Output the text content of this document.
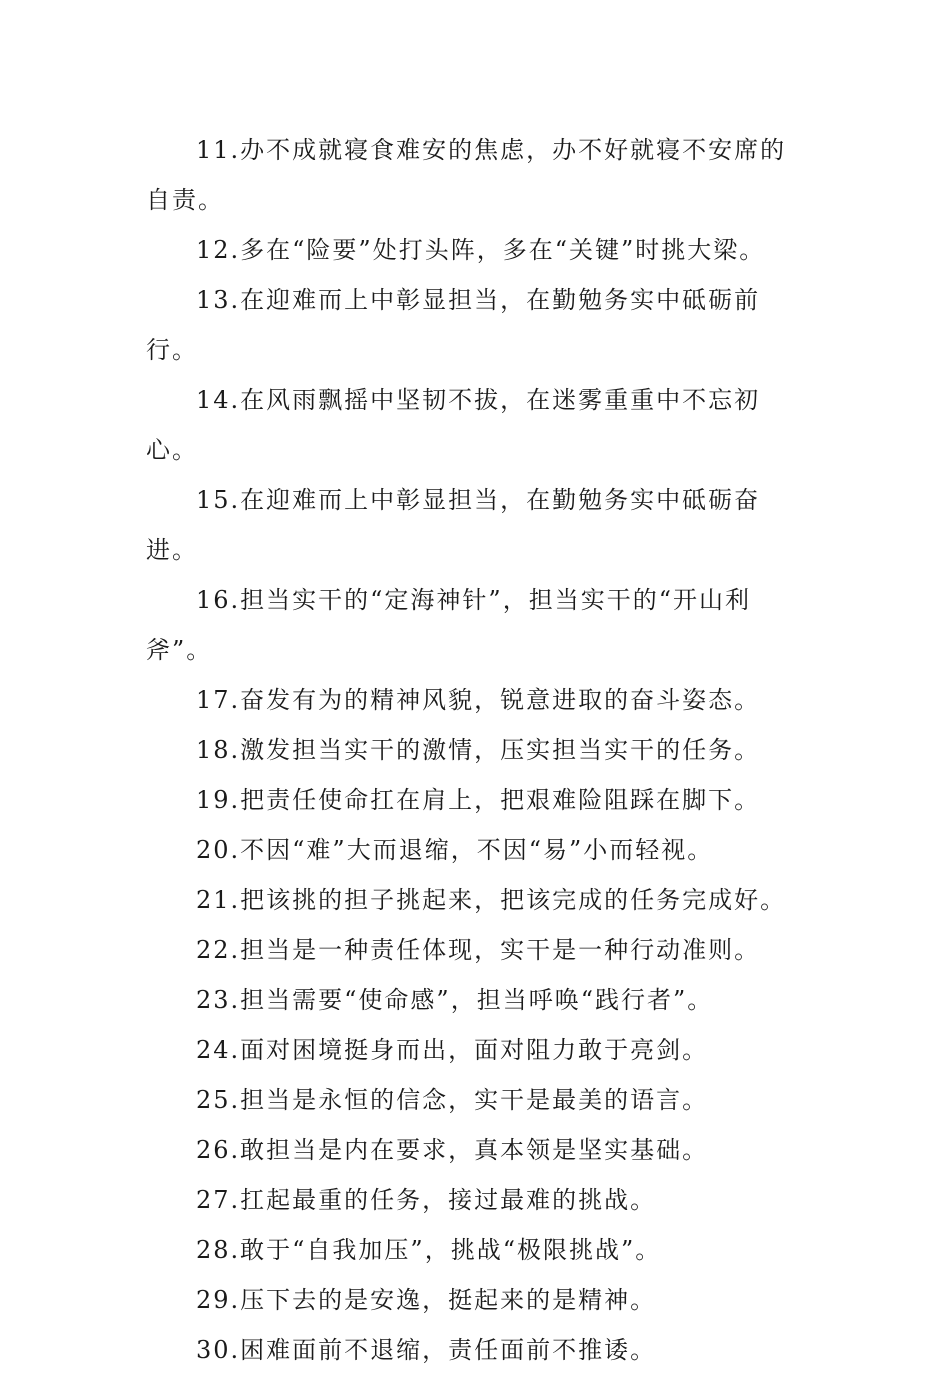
11.办不成就寝食难安的焦虑，办不好就寝不安席的自责。

12.多在“险要”处打头阵，多在“关键”时挑大梁。

13.在迎难而上中彰显担当，在勤勉务实中砥砺前行。

14.在风雨飘摇中坚韧不拔，在迷雾重重中不忘初心。

15.在迎难而上中彰显担当，在勤勉务实中砥砺奋进。

16.担当实干的“定海神针”，担当实干的“开山利斧”。

17.奋发有为的精神风貌，锐意进取的奋斗姿态。

18.激发担当实干的激情，压实担当实干的任务。

19.把责任使命扛在肩上，把艰难险阻踩在脚下。

20.不因“难”大而退缩，不因“易”小而轻视。

21.把该挑的担子挑起来，把该完成的任务完成好。

22.担当是一种责任体现，实干是一种行动准则。

23.担当需要“使命感”，担当呼唤“践行者”。

24.面对困境挺身而出，面对阻力敢于亮剑。

25.担当是永恒的信念，实干是最美的语言。

26.敢担当是内在要求，真本领是坚实基础。

27.扛起最重的任务，接过最难的挑战。

28.敢于“自我加压”，挑战“极限挑战”。

29.压下去的是安逸，挺起来的是精神。

30.困难面前不退缩，责任面前不推诿。
